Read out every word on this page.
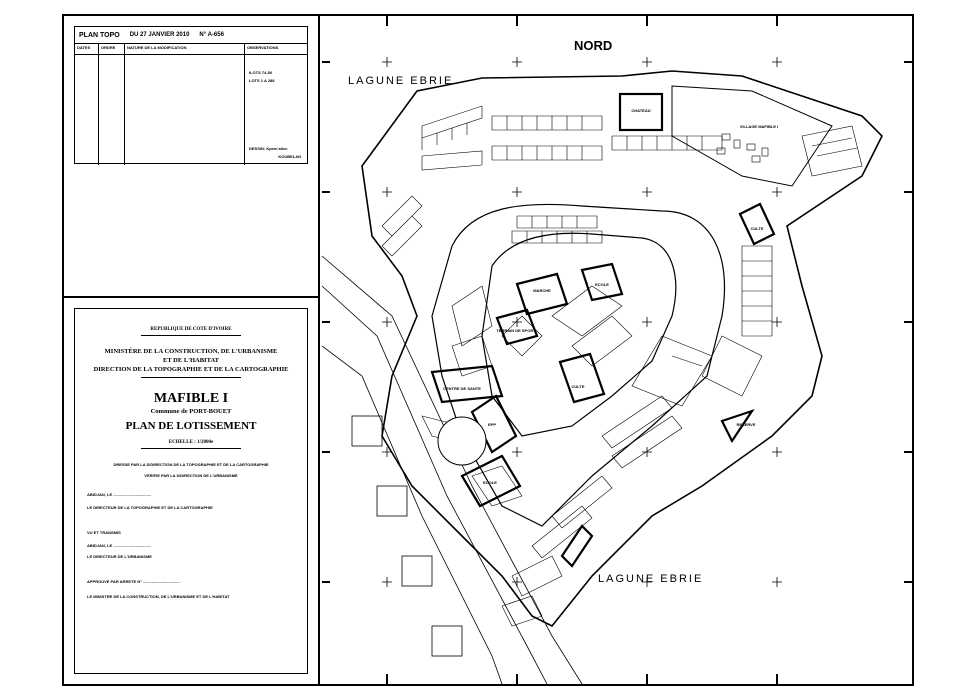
PLAN TOPO DU 27 JANVIER 2010 N° A-656
DATES	ORDRE	NATURE DE LA MODIFICATION	OBSERVATIONS
ILOTS 74-80
LOTS 1 A 288
DESSIN: Kpeni alice
KOUBELAN
REPUBLIQUE DE COTE D'IVOIRE
MINISTÈRE DE LA CONSTRUCTION, DE L'URBANISME
ET DE L'HABITAT
DIRECTION DE LA TOPOGRAPHIE ET DE LA CARTOGRAPHIE
MAFIBLE I
Commune de PORT-BOUET
PLAN DE LOTISSEMENT
ECHELLE : 1/2000e
DRESSE PAR LA S/DIRECTION DE LA TOPOGRAPHIE ET DE LA CARTOGRAPHIE
VERIFIE PAR LA S/DIRECTION DE L'URBANISME
ABIDJAN, LE ..................................
LE DIRECTEUR DE LA TOPOGRAPHIE ET DE LA CARTOGRAPHIE
VU ET TRANSMIS
ABIDJAN, LE ..................................
LE DIRECTEUR DE L'URBANISME
APPROUVE PAR ARRETE N° ..................................
LE MINISTRE DE LA CONSTRUCTION, DE L'URBANISME ET DE L'HABITAT
NORD
LAGUNE EBRIE
LAGUNE EBRIE
CHATEAU
VILLAGE MAFIBLE I
CULTE
ECOLE
MARCHE
TERRAIN DE SPORT
CENTRE DE SANTE	CULTE
EPP
ECOLE
RESERVE
